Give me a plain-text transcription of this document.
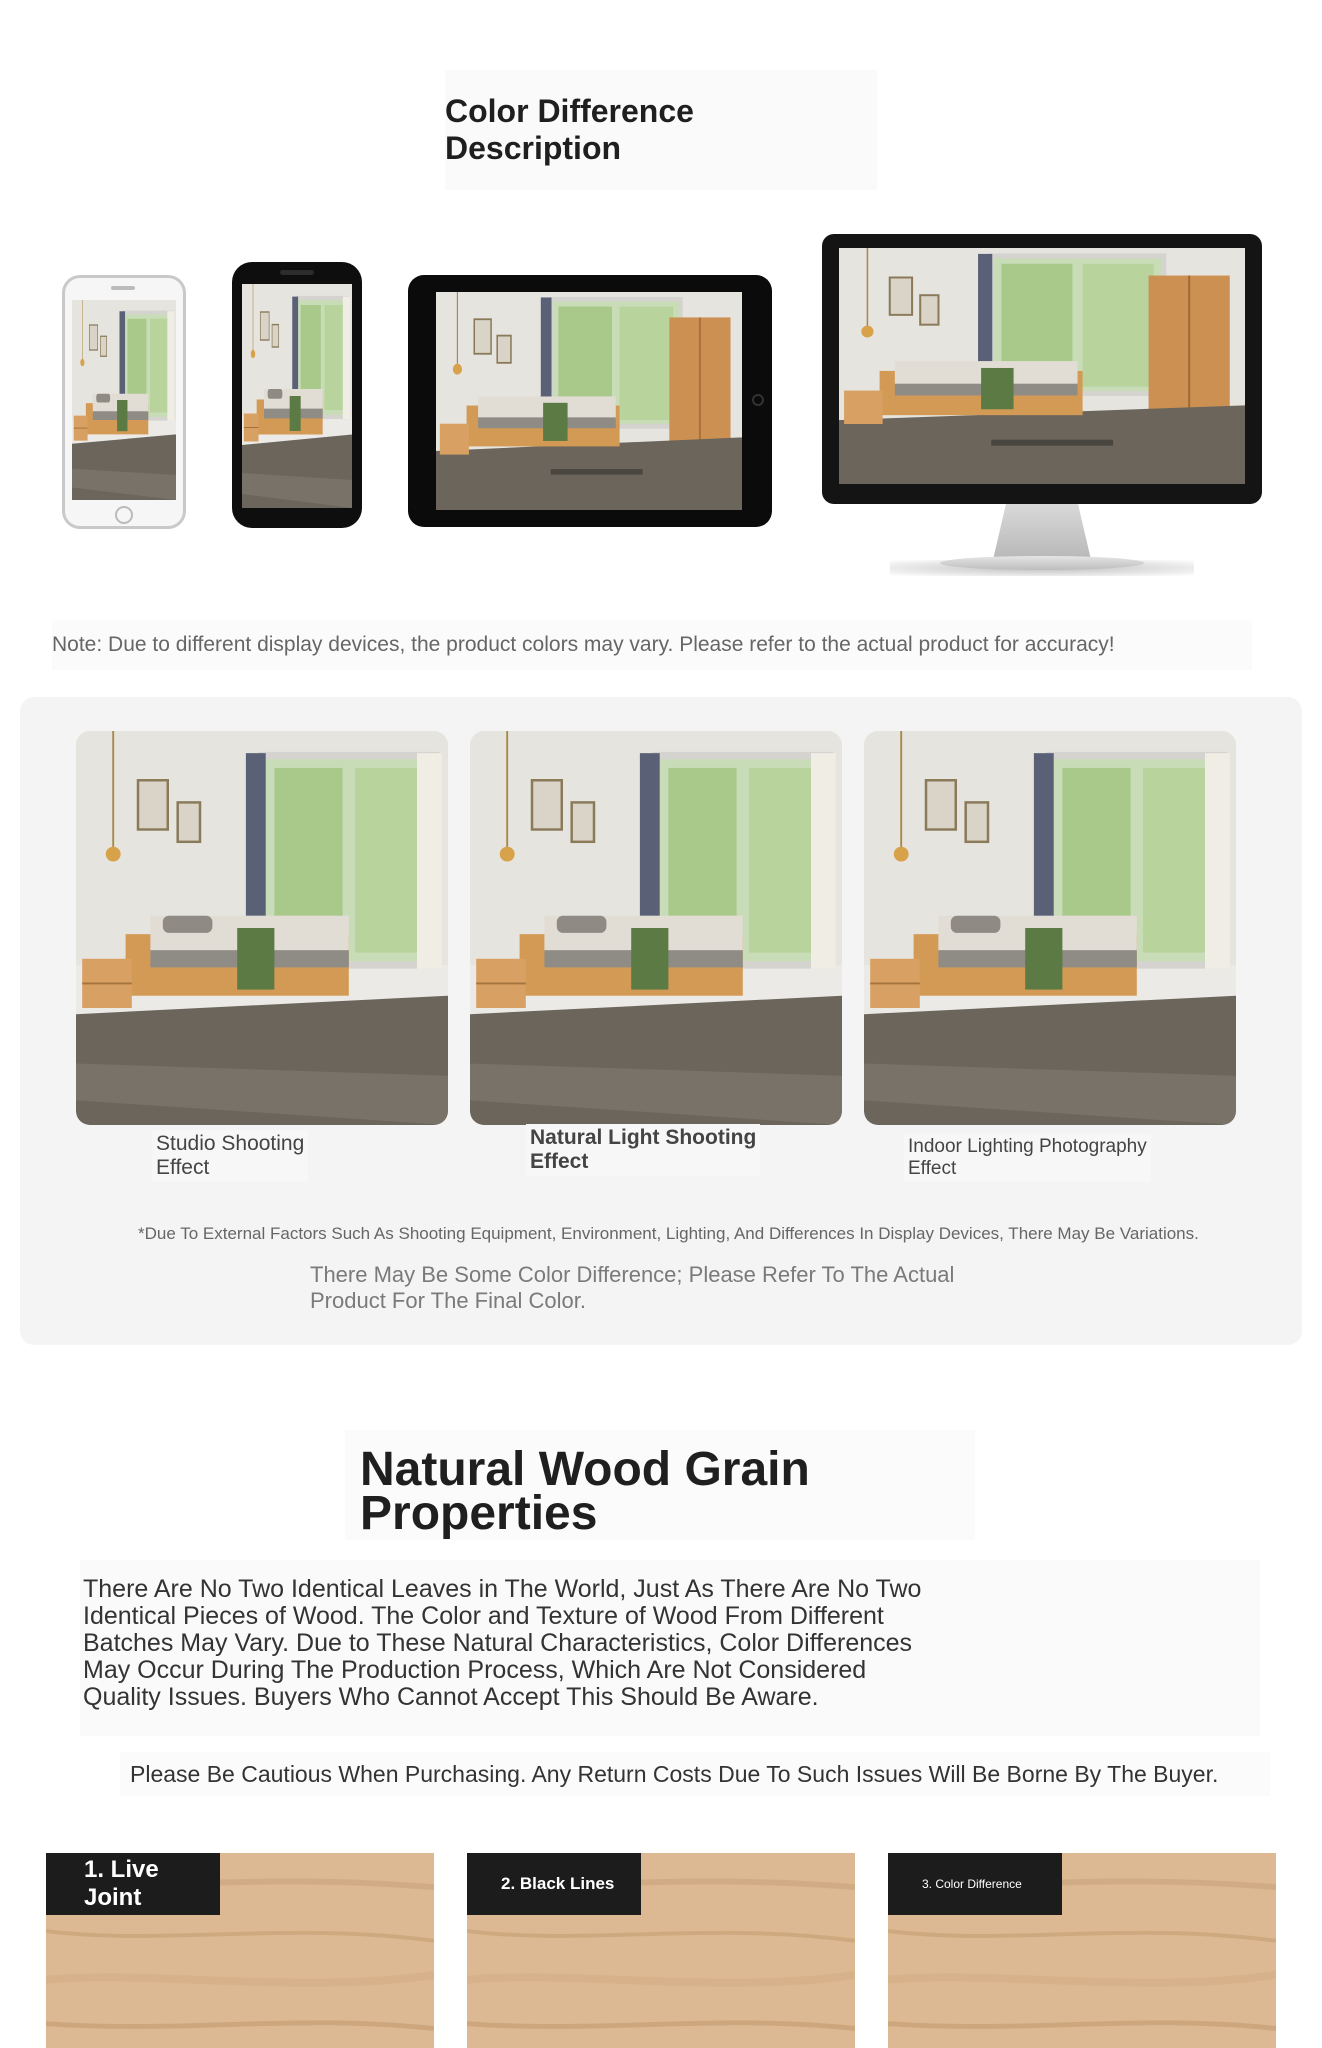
Color Difference Description
Note: Due to different display devices, the product colors may vary. Please refer to the actual product for accuracy!
Studio Shooting
Effect
Natural Light Shooting
Effect
Indoor Lighting Photography
Effect
*Due To External Factors Such As Shooting Equipment, Environment, Lighting, And Differences In Display Devices, There May Be Variations.
There May Be Some Color Difference; Please Refer To The Actual
Product For The Final Color.
Natural Wood Grain
Properties
There Are No Two Identical Leaves in The World, Just As There Are No Two
Identical Pieces of Wood. The Color and Texture of Wood From Different
Batches May Vary. Due to These Natural Characteristics, Color Differences
May Occur During The Production Process, Which Are Not Considered
Quality Issues. Buyers Who Cannot Accept This Should Be Aware.
Please Be Cautious When Purchasing. Any Return Costs Due To Such Issues Will Be Borne By The Buyer.
1. Live Joint
2. Black Lines	3. Color Difference
